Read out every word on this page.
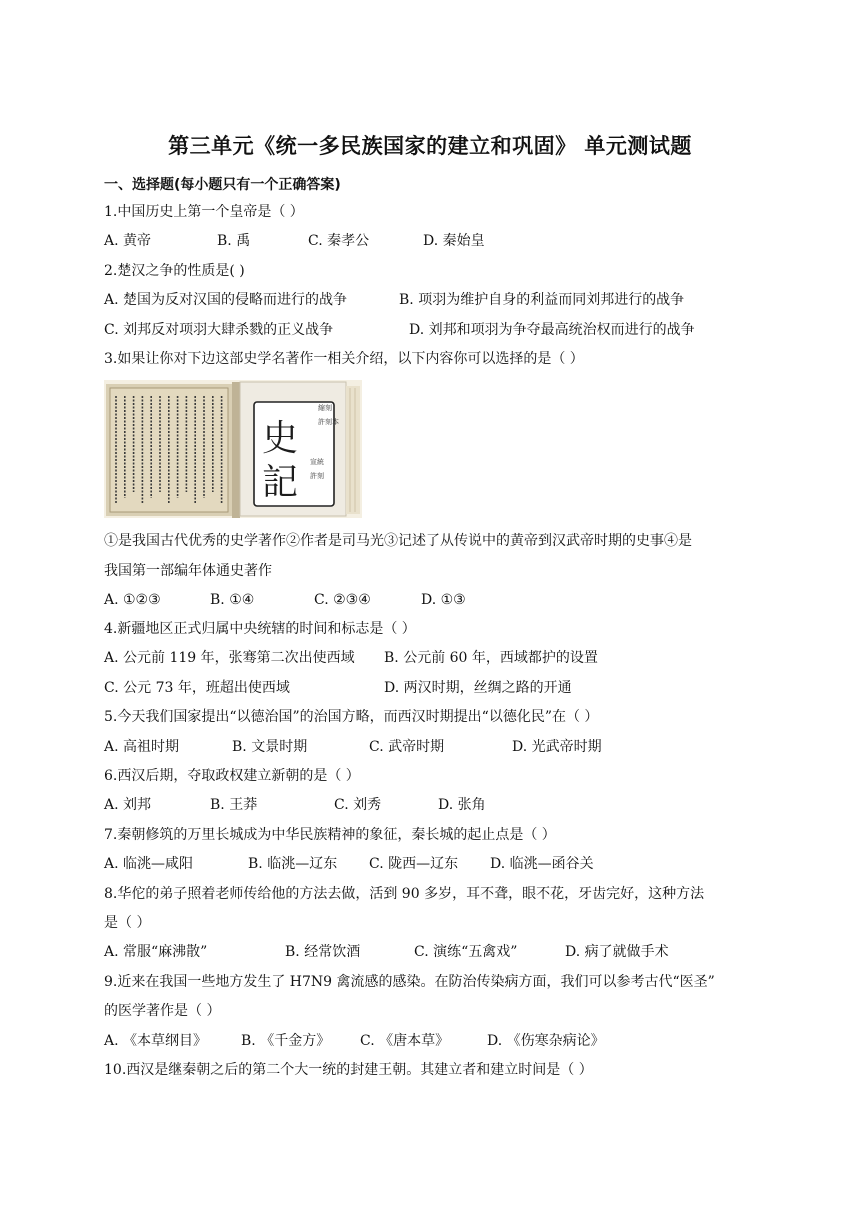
第三单元《统一多民族国家的建立和巩固》 单元测试题
一、选择题(每小题只有一个正确答案)
1.中国历史上第一个皇帝是（ ）
A. 黄帝	B. 禹	C. 秦孝公	D. 秦始皇
2.楚汉之争的性质是( )
A. 楚国为反对汉国的侵略而进行的战争	B. 项羽为维护自身的利益而同刘邦进行的战争
C. 刘邦反对项羽大肆杀戮的正义战争	D. 刘邦和项羽为争夺最高统治权而进行的战争
3.如果让你对下边这部史学名著作一相关介绍，以下内容你可以选择的是（ ）
史
記
縮刻
許刻本
宣統
許刻
①是我国古代优秀的史学著作②作者是司马光③记述了从传说中的黄帝到汉武帝时期的史事④是
我国第一部编年体通史著作
A. ①②③	B. ①④	C. ②③④	D. ①③
4.新疆地区正式归属中央统辖的时间和标志是（ ）
A. 公元前 119 年，张骞第二次出使西域 B. 公元前 60 年，西域都护的设置
C. 公元 73 年，班超出使西域	D. 两汉时期，丝绸之路的开通
5.今天我们国家提出“以德治国”的治国方略，而西汉时期提出“以德化民”在（ ）
A. 高祖时期	B. 文景时期	C. 武帝时期	D. 光武帝时期
6.西汉后期，夺取政权建立新朝的是（ ）
A. 刘邦	B. 王莽	C. 刘秀	D. 张角
7.秦朝修筑的万里长城成为中华民族精神的象征，秦长城的起止点是（ ）
A. 临洮—咸阳	B. 临洮—辽东 C. 陇西—辽东 D. 临洮—函谷关
8.华佗的弟子照着老师传给他的方法去做，活到 90 多岁，耳不聋，眼不花，牙齿完好，这种方法
是（ ）
A. 常服“麻沸散”	B. 经常饮酒	C. 演练“五禽戏”	D. 病了就做手术
9.近来在我国一些地方发生了 H7N9 禽流感的感染。在防治传染病方面，我们可以参考古代“医圣”
的医学著作是（ ）
A. 《本草纲目》 B. 《千金方》 C. 《唐本草》	D. 《伤寒杂病论》
10.西汉是继秦朝之后的第二个大一统的封建王朝。其建立者和建立时间是（ ）
